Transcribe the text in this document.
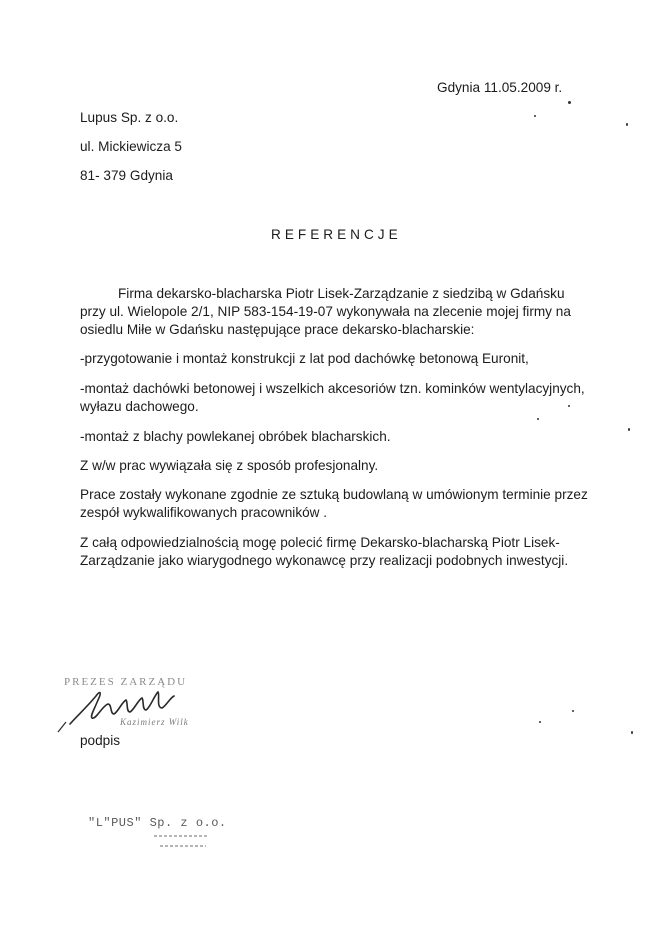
Gdynia 11.05.2009 r.
Lupus Sp. z o.o.
ul. Mickiewicza 5
81- 379 Gdynia
REFERENCJE
Firma dekarsko-blacharska Piotr Lisek-Zarządzanie z siedzibą w Gdańsku
przy ul. Wielopole 2/1, NIP 583-154-19-07 wykonywała na zlecenie mojej firmy na
osiedlu Miłe w Gdańsku następujące prace dekarsko-blacharskie:
-przygotowanie i montaż konstrukcji z lat pod dachówkę betonową Euronit,
-montaż dachówki betonowej i wszelkich akcesoriów tzn. kominków wentylacyjnych,
wyłazu dachowego.
-montaż z blachy powlekanej obróbek blacharskich.
Z w/w prac wywiązała się z sposób profesjonalny.
Prace zostały wykonane zgodnie ze sztuką budowlaną w umówionym terminie przez
zespół wykwalifikowanych pracowników .
Z całą odpowiedzialnością mogę polecić firmę Dekarsko-blacharską Piotr Lisek-
Zarządzanie jako wiarygodnego wykonawcę przy realizacji podobnych inwestycji.
PREZES ZARZĄDU
Kazimierz Wilk
podpis
"L"PUS" Sp. z o.o.
